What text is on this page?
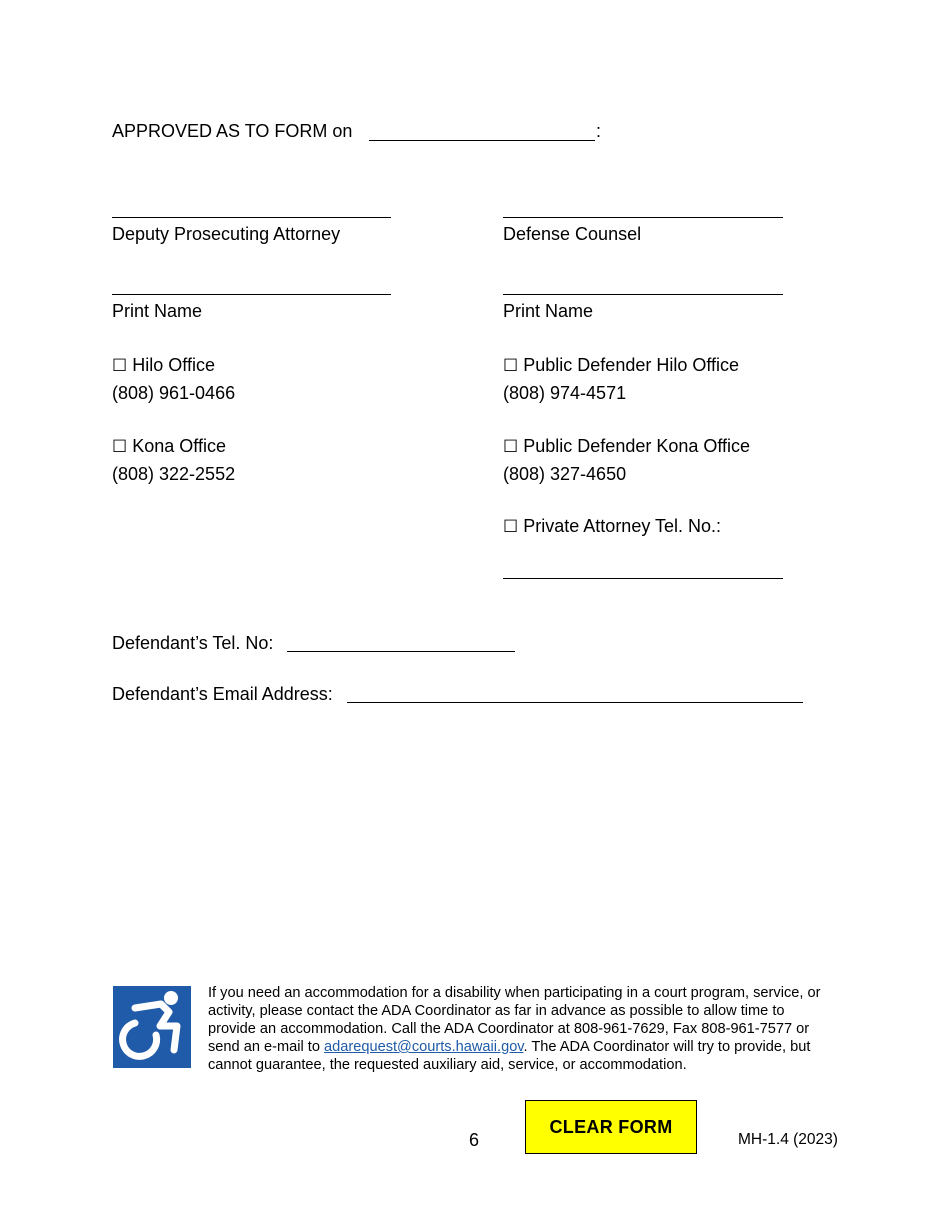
APPROVED AS TO FORM on	:
Deputy Prosecuting Attorney
Print Name
☐ Hilo Office
(808) 961-0466
☐ Kona Office
(808) 322-2552
Defense Counsel
Print Name
☐ Public Defender Hilo Office
(808) 974-4571
☐ Public Defender Kona Office
(808) 327-4650
☐ Private Attorney Tel. No.:
Defendant’s Tel. No:
Defendant’s Email Address:
If you need an accommodation for a disability when participating in a court program, service, or activity, please contact the ADA Coordinator as far in advance as possible to allow time to provide an accommodation. Call the ADA Coordinator at 808-961-7629, Fax 808-961-7577 or send an e-mail to adarequest@courts.hawaii.gov. The ADA Coordinator will try to provide, but cannot guarantee, the requested auxiliary aid, service, or accommodation.
6
CLEAR FORM
MH-1.4 (2023)
